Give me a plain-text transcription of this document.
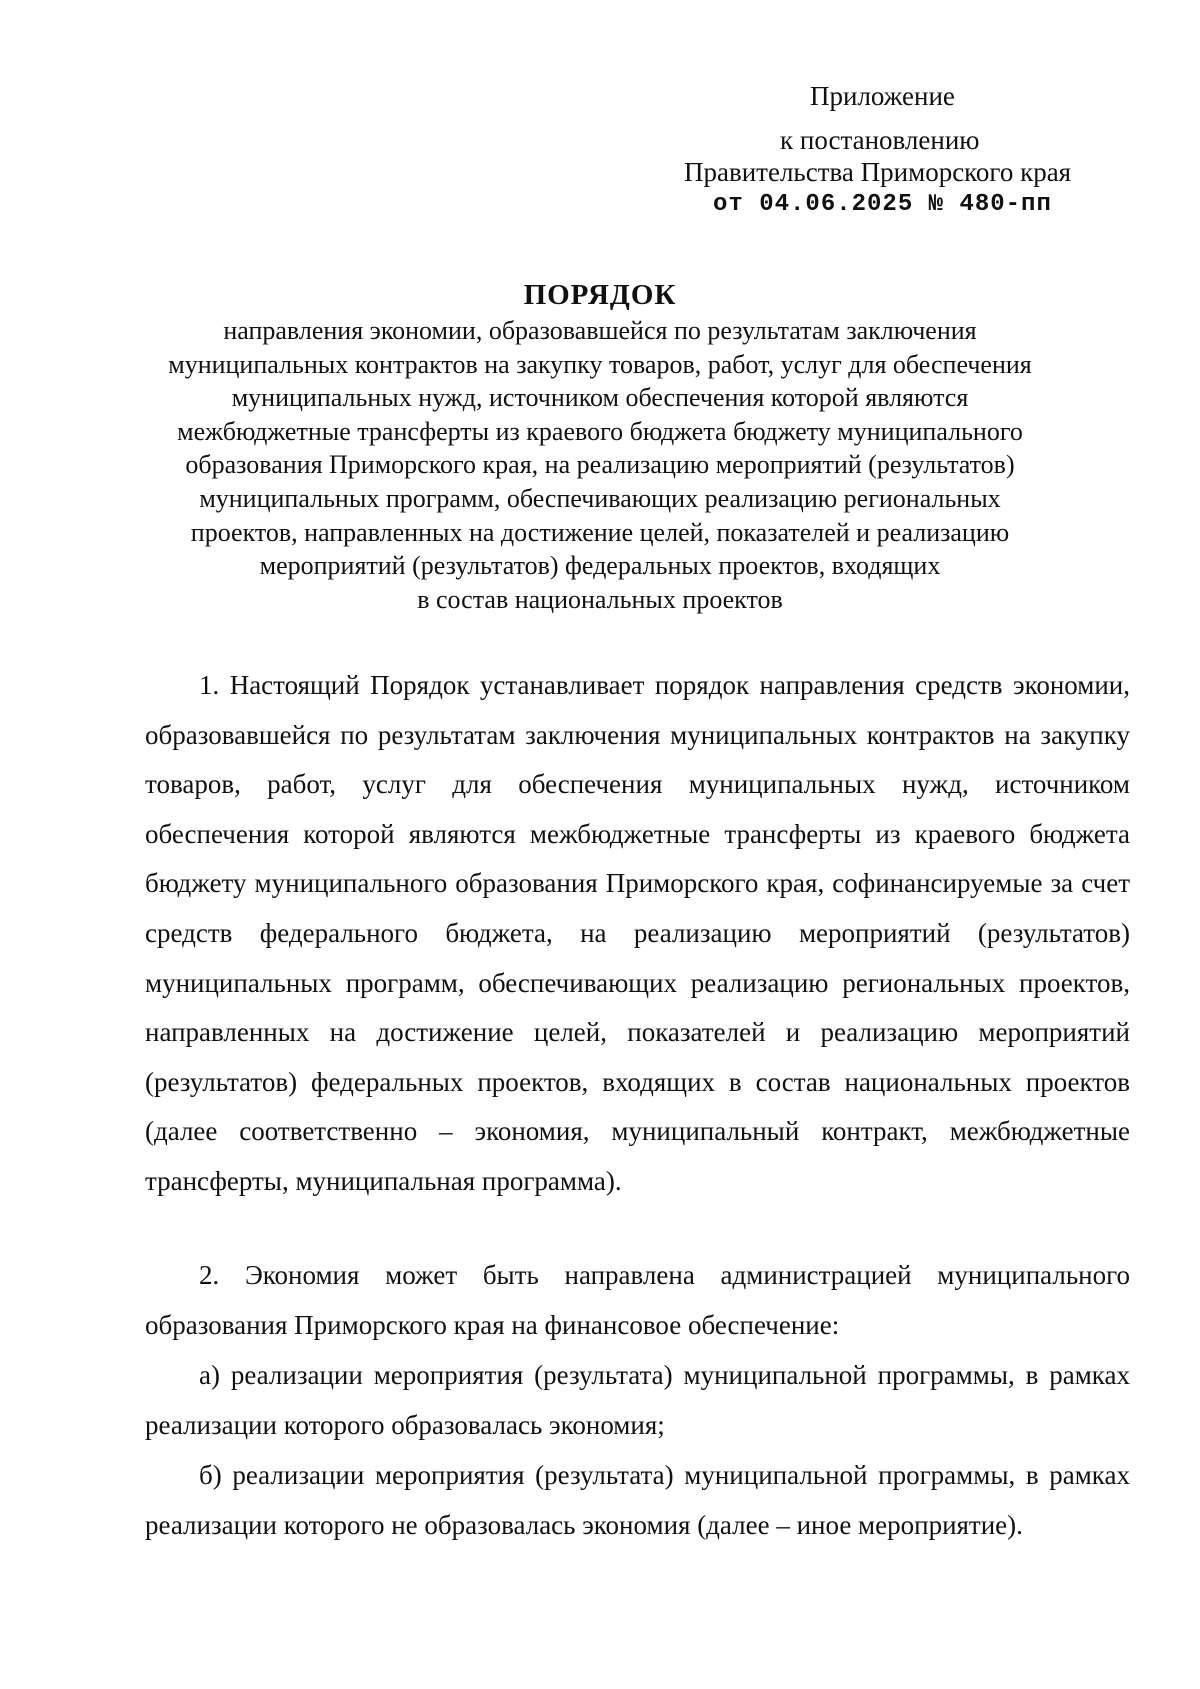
Приложение
к постановлению
Правительства Приморского края
от 04.06.2025 № 480-пп
ПОРЯДОК
направления экономии, образовавшейся по результатам заключения
муниципальных контрактов на закупку товаров, работ, услуг для обеспечения
муниципальных нужд, источником обеспечения которой являются
межбюджетные трансферты из краевого бюджета бюджету муниципального
образования Приморского края, на реализацию мероприятий (результатов)
муниципальных программ, обеспечивающих реализацию региональных
проектов, направленных на достижение целей, показателей и реализацию
мероприятий (результатов) федеральных проектов, входящих
в состав национальных проектов

1. Настоящий Порядок устанавливает порядок направления средств экономии, образовавшейся по результатам заключения муниципальных контрактов на закупку товаров, работ, услуг для обеспечения муниципальных нужд, источником обеспечения которой являются межбюджетные трансферты из краевого бюджета бюджету муниципального образования Приморского края, софинансируемые за счет средств федерального бюджета, на реализацию мероприятий (результатов) муниципальных программ, обеспечивающих реализацию региональных проектов, направленных на достижение целей, показателей и реализацию мероприятий (результатов) федеральных проектов, входящих в состав национальных проектов (далее соответственно – экономия, муниципальный контракт, межбюджетные трансферты, муниципальная программа).

2. Экономия может быть направлена администрацией муниципального образования Приморского края на финансовое обеспечение:

а) реализации мероприятия (результата) муниципальной программы, в рамках реализации которого образовалась экономия;

б) реализации мероприятия (результата) муниципальной программы, в рамках реализации которого не образовалась экономия (далее – иное мероприятие).
